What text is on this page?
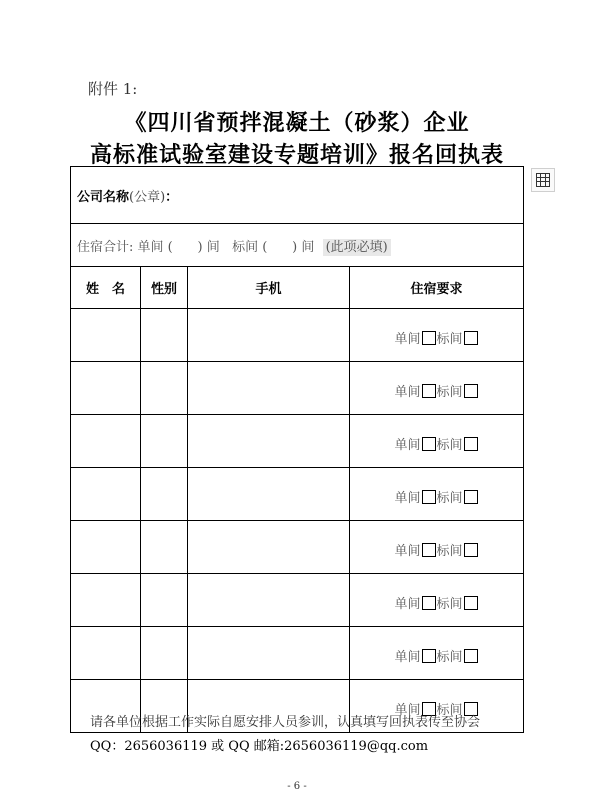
附件 1:
《四川省预拌混凝土（砂浆）企业
高标准试验室建设专题培训》报名回执表
公司名称(公章)：			
住宿合计: 单间 (      ) 间   标间 (      ) 间  (此项必填)			
姓　名	性别	手机	住宿要求
			单间 标间
			单间 标间
			单间 标间
			单间 标间
			单间 标间
			单间 标间
			单间 标间
			单间 标间
请各单位根据工作实际自愿安排人员参训，认真填写回执表传至协会
QQ：2656036119 或 QQ 邮箱:2656036119@qq.com
- 6 -
